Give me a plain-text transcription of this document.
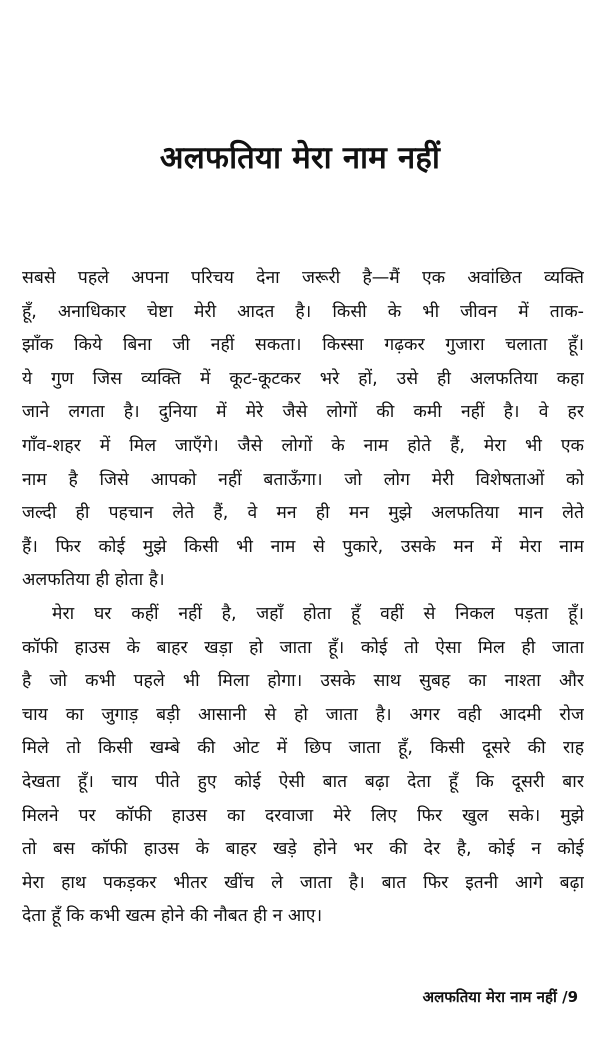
अलफतिया मेरा नाम नहीं
सबसे पहले अपना परिचय देना जरूरी है—मैं एक अवांछित व्यक्ति
हूँ, अनाधिकार चेष्टा मेरी आदत है। किसी के भी जीवन में ताक-
झाँक किये बिना जी नहीं सकता। किस्सा गढ़कर गुजारा चलाता हूँ।
ये गुण जिस व्यक्ति में कूट-कूटकर भरे हों, उसे ही अलफतिया कहा
जाने लगता है। दुनिया में मेरे जैसे लोगों की कमी नहीं है। वे हर
गाँव-शहर में मिल जाएँगे। जैसे लोगों के नाम होते हैं, मेरा भी एक
नाम है जिसे आपको नहीं बताऊँगा। जो लोग मेरी विशेषताओं को
जल्दी ही पहचान लेते हैं, वे मन ही मन मुझे अलफतिया मान लेते
हैं। फिर कोई मुझे किसी भी नाम से पुकारे, उसके मन में मेरा नाम
अलफतिया ही होता है।
मेरा घर कहीं नहीं है, जहाँ होता हूँ वहीं से निकल पड़ता हूँ।
कॉफी हाउस के बाहर खड़ा हो जाता हूँ। कोई तो ऐसा मिल ही जाता
है जो कभी पहले भी मिला होगा। उसके साथ सुबह का नाश्ता और
चाय का जुगाड़ बड़ी आसानी से हो जाता है। अगर वही आदमी रोज
मिले तो किसी खम्बे की ओट में छिप जाता हूँ, किसी दूसरे की राह
देखता हूँ। चाय पीते हुए कोई ऐसी बात बढ़ा देता हूँ कि दूसरी बार
मिलने पर कॉफी हाउस का दरवाजा मेरे लिए फिर खुल सके। मुझे
तो बस कॉफी हाउस के बाहर खड़े होने भर की देर है, कोई न कोई
मेरा हाथ पकड़कर भीतर खींच ले जाता है। बात फिर इतनी आगे बढ़ा
देता हूँ कि कभी खत्म होने की नौबत ही न आए।
अलफतिया मेरा नाम नहीं /9
